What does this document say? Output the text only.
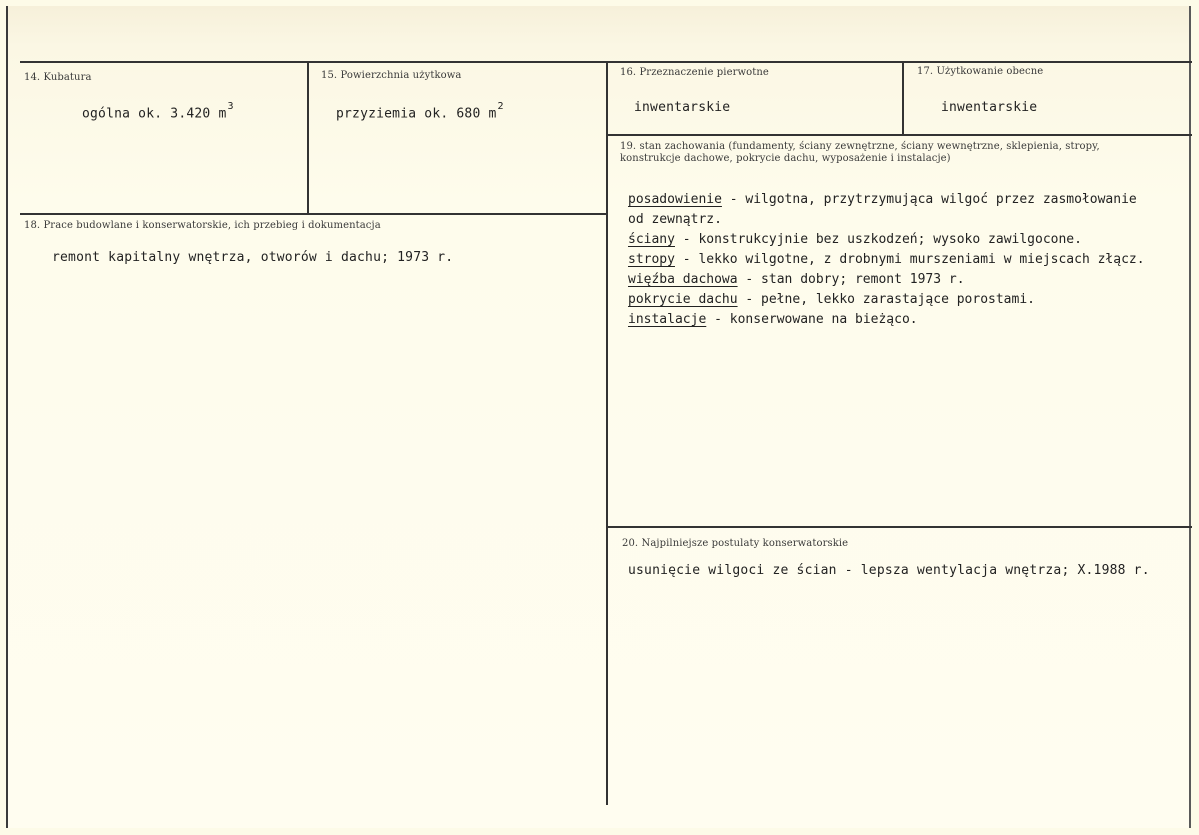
14. Kubatura
ogólna ok. 3.420 $m^3$
15. Powierzchnia użytkowa
przyziemia ok. 680 $m^2$
16. Przeznaczenie pierwotne
inwentarskie
17. Użytkowanie obecne
inwentarskie
18. Prace budowlane i konserwatorskie, ich przebieg i dokumentacja
remont kapitalny wnętrza, otworów i dachu; 1973 r.
19. stan zachowania (fundamenty, ściany zewnętrzne, ściany wewnętrzne, sklepienia, stropy, konstrukcje dachowe, pokrycie dachu, wyposażenie i instalacje)
posadowienie - wilgotna, przytrzymująca wilgoć przez zasmołowanie
od zewnątrz.
ściany - konstrukcyjnie bez uszkodzeń; wysoko zawilgocone.
stropy - lekko wilgotne, z drobnymi murszeniami w miejscach złącz.
więźba dachowa - stan dobry; remont 1973 r.
pokrycie dachu - pełne, lekko zarastające porostami.
instalacje - konserwowane na bieżąco.
20. Najpilniejsze postulaty konserwatorskie
usunięcie wilgoci ze ścian - lepsza wentylacja wnętrza; X.1988 r.
